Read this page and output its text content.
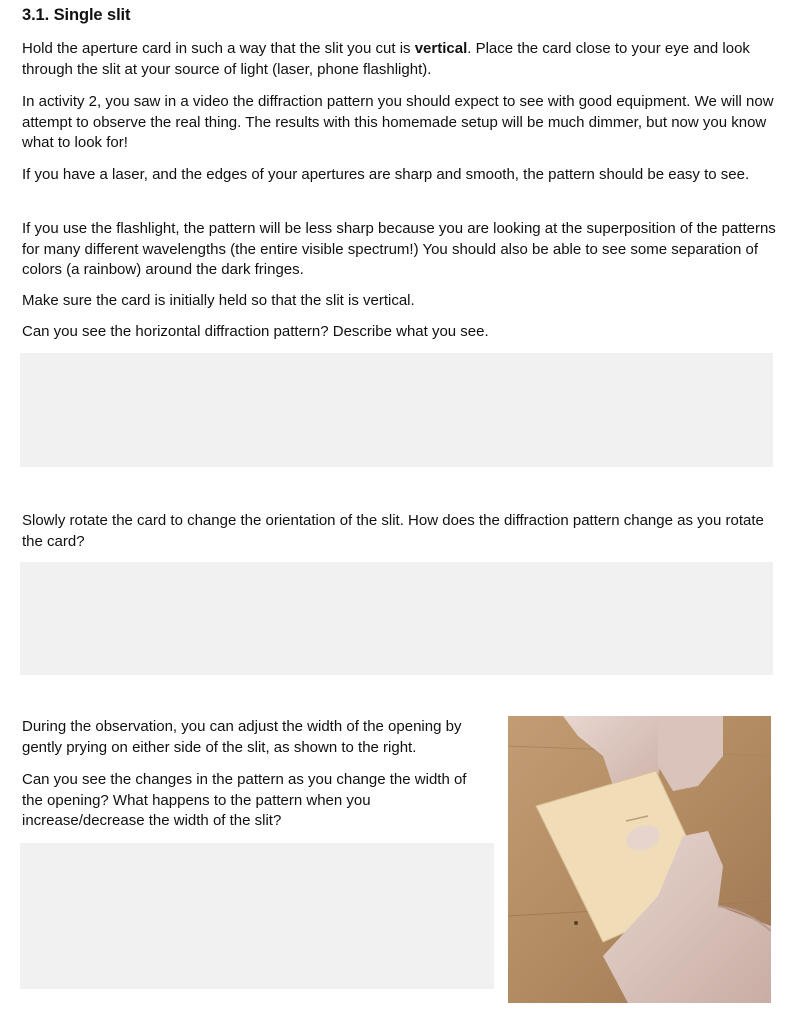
3.1. Single slit

Hold the aperture card in such a way that the slit you cut is vertical. Place the card close to your eye and look through the slit at your source of light (laser, phone flashlight).

In activity 2, you saw in a video the diffraction pattern you should expect to see with good equipment. We will now attempt to observe the real thing. The results with this homemade setup will be much dimmer, but now you know what to look for!

If you have a laser, and the edges of your apertures are sharp and smooth, the pattern should be easy to see.

If you use the flashlight, the pattern will be less sharp because you are looking at the superposition of the patterns for many different wavelengths (the entire visible spectrum!) You should also be able to see some separation of colors (a rainbow) around the dark fringes.

Make sure the card is initially held so that the slit is vertical.

Can you see the horizontal diffraction pattern? Describe what you see.

Slowly rotate the card to change the orientation of the slit. How does the diffraction pattern change as you rotate the card?

During the observation, you can adjust the width of the opening by gently prying on either side of the slit, as shown to the right.

Can you see the changes in the pattern as you change the width of the opening? What happens to the pattern when you increase/decrease the width of the slit?
